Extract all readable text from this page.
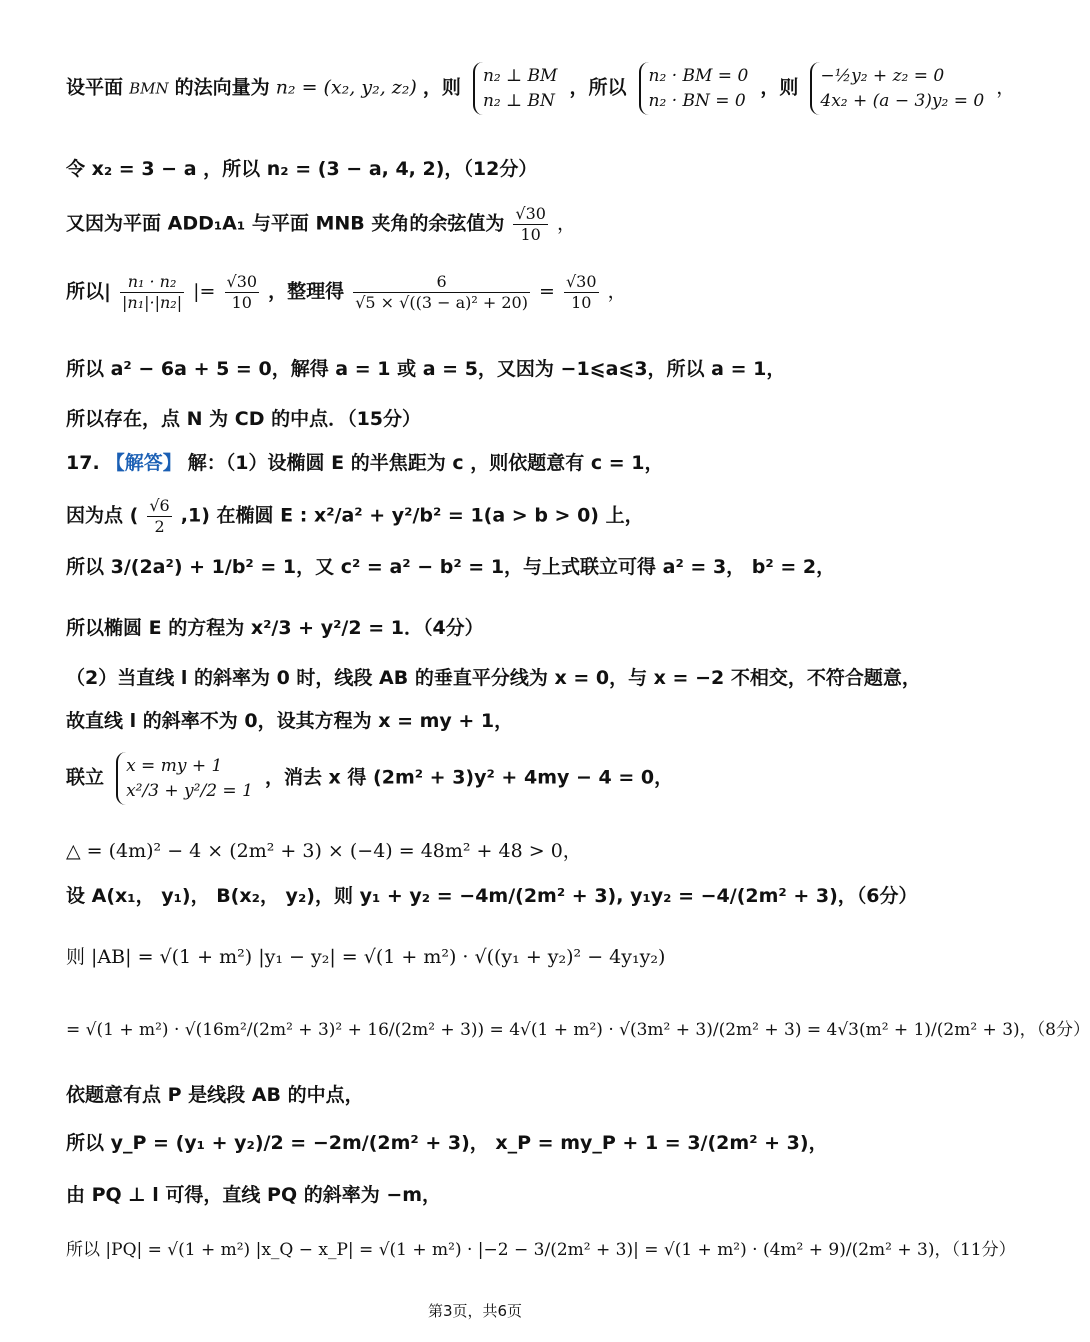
设平面 BMN 的法向量为 n₂ = (x₂, y₂, z₂) ，则
n₂ ⊥ BM
n₂ ⊥ BN
，所以
n₂ · BM = 0
n₂ · BN = 0
，则
−½y₂ + z₂ = 0
4x₂ + (a − 3)y₂ = 0
，
令 x₂ = 3 − a ，所以 n₂ = (3 − a, 4, 2)，（12分）
又因为平面 ADD₁A₁ 与平面 MNB 夹角的余弦值为 $\frac{√30}{10}$ ，
所以| $\frac{\text{n₁ · n₂}}{\text{|n₁|·|n₂|}}$ |= $\frac{√30}{10}$ ，整理得 $\frac{6}{\text{√5 × √((3 − a)² + 20)}} = \frac{√30}{10}$ ，
所以 a² − 6a + 5 = 0，解得 a = 1 或 a = 5，又因为 −1⩽a⩽3，所以 a = 1，
所以存在，点 N 为 CD 的中点．（15分）
17. 【解答】 解：（1）设椭圆 E 的半焦距为 c ，则依题意有 c = 1，
因为点 ( $\frac{√6}{2} ,1$) 在椭圆 E : x²/a² + y²/b² = 1(a > b > 0) 上，
所以 3/(2a²) + 1/b² = 1，又 c² = a² − b² = 1，与上式联立可得 a² = 3， b² = 2，
所以椭圆 E 的方程为 x²/3 + y²/2 = 1．（4分）
（2）当直线 l 的斜率为 0 时，线段 AB 的垂直平分线为 x = 0，与 x = −2 不相交，不符合题意，
故直线 l 的斜率不为 0，设其方程为 x = my + 1，
联立
x = my + 1
x²/3 + y²/2 = 1
，消去 x 得 (2m² + 3)y² + 4my − 4 = 0，
△ = (4m)² − 4 × (2m² + 3) × (−4) = 48m² + 48 > 0，
设 A(x₁， y₁)， B(x₂， y₂)，则 y₁ + y₂ = −4m/(2m² + 3), y₁y₂ = −4/(2m² + 3)，（6分）
则 |AB| = √(1 + m²) |y₁ − y₂| = √(1 + m²) · √((y₁ + y₂)² − 4y₁y₂)
= √(1 + m²) · √(16m²/(2m² + 3)² + 16/(2m² + 3)) = 4√(1 + m²) · √(3m² + 3)/(2m² + 3) = 4√3(m² + 1)/(2m² + 3)，（8分）
依题意有点 P 是线段 AB 的中点，
所以 y_P = (y₁ + y₂)/2 = −2m/(2m² + 3)， x_P = my_P + 1 = 3/(2m² + 3)，
由 PQ ⊥ l 可得，直线 PQ 的斜率为 −m，
所以 |PQ| = √(1 + m²) |x_Q − x_P| = √(1 + m²) · |−2 − 3/(2m² + 3)| = √(1 + m²) · (4m² + 9)/(2m² + 3)，（11分）
第3页，共6页
